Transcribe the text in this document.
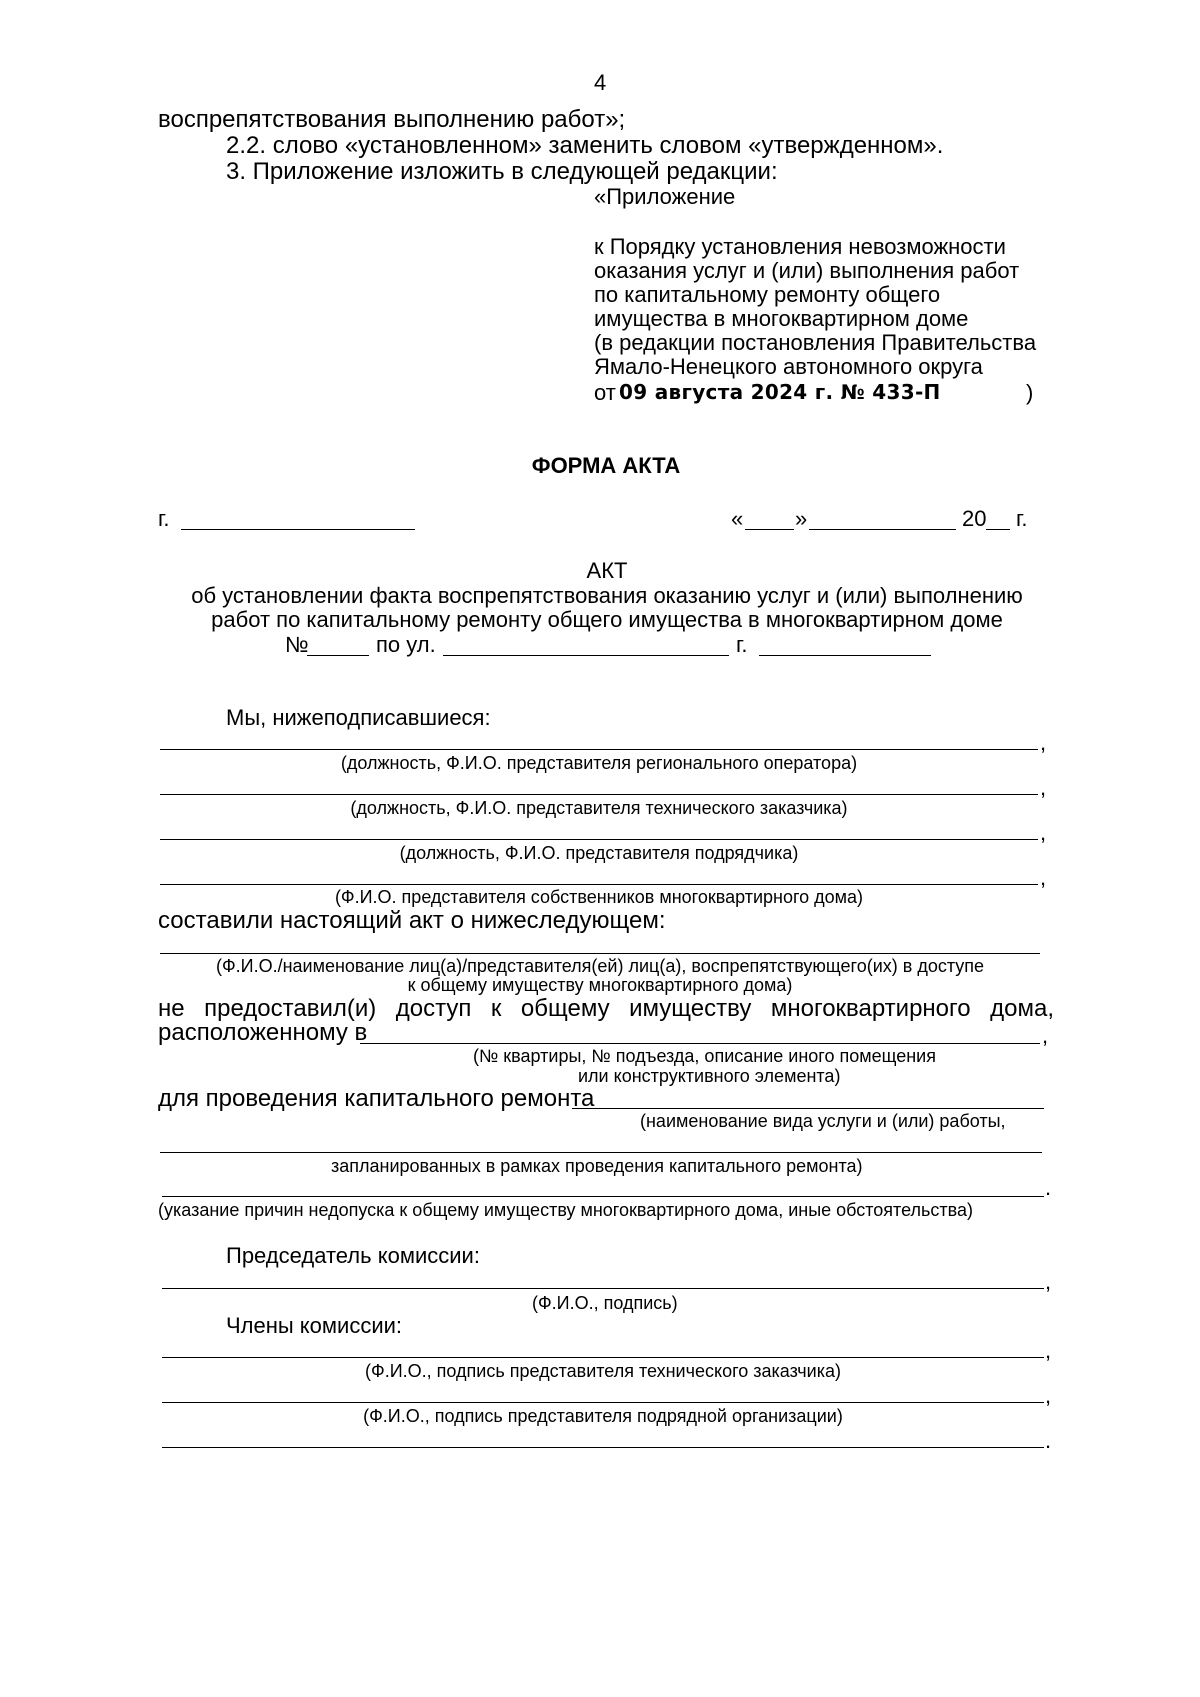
4
воспрепятствования выполнению работ»;
2.2. слово «установленном» заменить словом «утвержденном».
3. Приложение изложить в следующей редакции:
«Приложение
к Порядку установления невозможности
оказания услуг и (или) выполнения работ
по капитальному ремонту общего
имущества в многоквартирном доме
(в редакции постановления Правительства
Ямало-Ненецкого автономного округа
от 09 августа 2024 г. № 433-П	)
ФОРМА АКТА
г.	« »	20 г.
АКТ
об установлении факта воспрепятствования оказанию услуг и (или) выполнению
работ по капитальному ремонту общего имущества в многоквартирном доме
№	по ул.	г.
Мы, нижеподписавшиеся:
,
(должность, Ф.И.О. представителя регионального оператора)
,
(должность, Ф.И.О. представителя технического заказчика)
,
(должность, Ф.И.О. представителя подрядчика)
,
(Ф.И.О. представителя собственников многоквартирного дома)
составили настоящий акт о нижеследующем:
(Ф.И.О./наименование лиц(а)/представителя(ей) лиц(а), воспрепятствующего(их) в доступе
к общему имуществу многоквартирного дома)
не предоставил(и) доступ к общему имуществу многоквартирного дома,
расположенному в	,
(№ квартиры, № подъезда, описание иного помещения
или конструктивного элемента)
для проведения капитального ремонта
(наименование вида услуги и (или) работы,
запланированных в рамках проведения капитального ремонта)
.
(указание причин недопуска к общему имуществу многоквартирного дома, иные обстоятельства)
Председатель комиссии:
,
(Ф.И.О., подпись)
Члены комиссии:
,
(Ф.И.О., подпись представителя технического заказчика)
,
(Ф.И.О., подпись представителя подрядной организации)
.
